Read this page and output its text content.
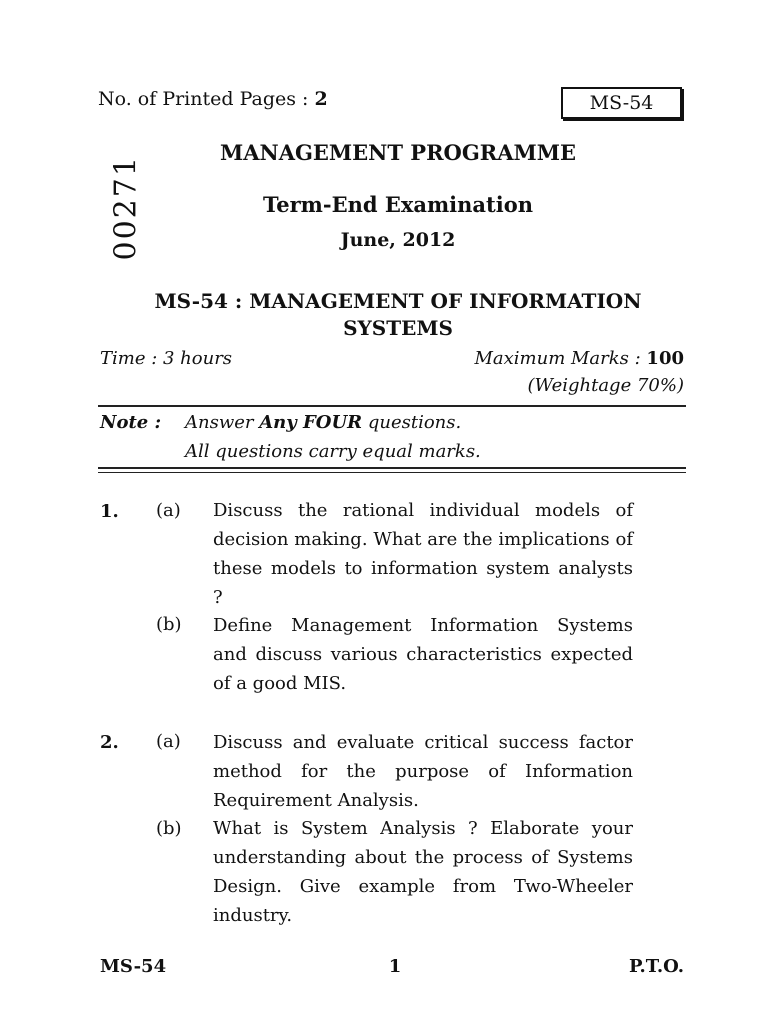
No. of Printed Pages : 2	MS-54
00271
MANAGEMENT PROGRAMME
Term-End Examination
June, 2012
MS-54 : MANAGEMENT OF INFORMATION
SYSTEMS
Time : 3 hours	Maximum Marks : 100
(Weightage 70%)
Note : Answer Any FOUR questions.
All questions carry equal marks.
1. (a) Discuss the rational individual models of decision making. What are the implications of these models to information system analysts ?
(b) Define Management Information Systems and discuss various characteristics expected of a good MIS.
2. (a) Discuss and evaluate critical success factor method for the purpose of Information Requirement Analysis.
(b) What is System Analysis ? Elaborate your understanding about the process of Systems Design. Give example from Two-Wheeler industry.
MS-54	1	P.T.O.
